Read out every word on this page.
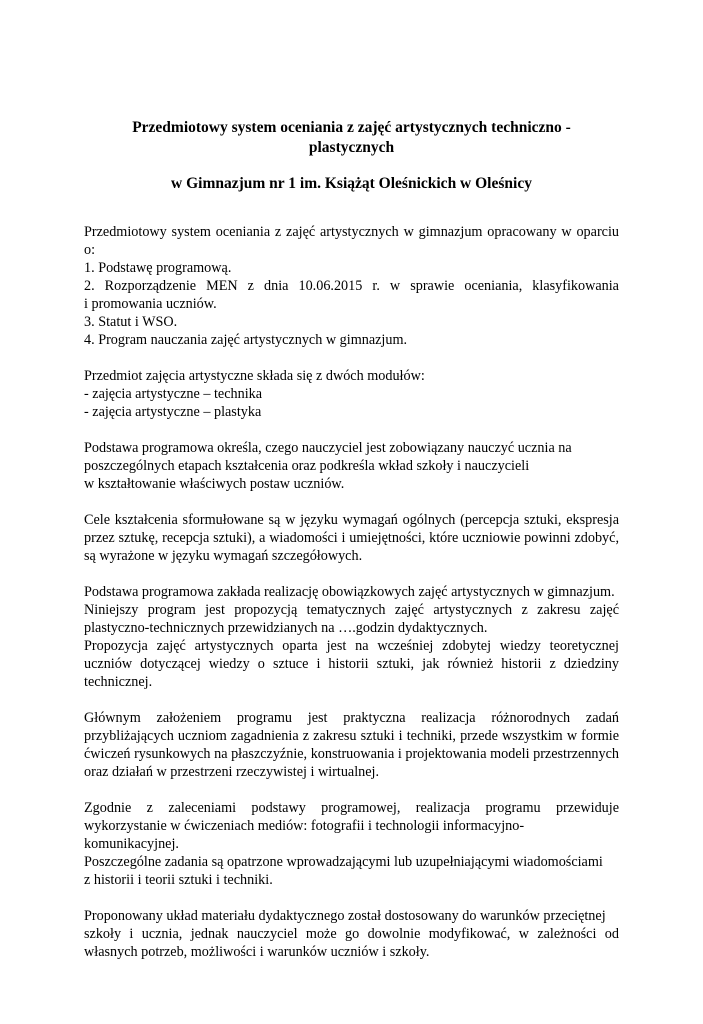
Przedmiotowy system oceniania z zajęć artystycznych techniczno -
plastycznych
w Gimnazjum nr 1 im. Książąt Oleśnickich w Oleśnicy

Przedmiotowy system oceniania z zajęć artystycznych w gimnazjum opracowany w oparciu
o:
1. Podstawę programową.
2. Rozporządzenie MEN z dnia 10.06.2015 r. w sprawie oceniania, klasyfikowania
i promowania uczniów.
3. Statut i WSO.
4. Program nauczania zajęć artystycznych w gimnazjum.

Przedmiot zajęcia artystyczne składa się z dwóch modułów:
- zajęcia artystyczne – technika
- zajęcia artystyczne – plastyka

Podstawa programowa określa, czego nauczyciel jest zobowiązany nauczyć ucznia na
poszczególnych etapach kształcenia oraz podkreśla wkład szkoły i nauczycieli
w kształtowanie właściwych postaw uczniów.

Cele kształcenia sformułowane są w języku wymagań ogólnych (percepcja sztuki, ekspresja
przez sztukę, recepcja sztuki), a wiadomości i umiejętności, które uczniowie powinni zdobyć,
są wyrażone w języku wymagań szczegółowych.

Podstawa programowa zakłada realizację obowiązkowych zajęć artystycznych w gimnazjum.
Niniejszy program jest propozycją tematycznych zajęć artystycznych z zakresu zajęć
plastyczno-technicznych przewidzianych na ….godzin dydaktycznych.
Propozycja zajęć artystycznych oparta jest na wcześniej zdobytej wiedzy teoretycznej
uczniów dotyczącej wiedzy o sztuce i historii sztuki, jak również historii z dziedziny
technicznej.

Głównym założeniem programu jest praktyczna realizacja różnorodnych zadań
przybliżających uczniom zagadnienia z zakresu sztuki i techniki, przede wszystkim w formie
ćwiczeń rysunkowych na płaszczyźnie, konstruowania i projektowania modeli przestrzennych
oraz działań w przestrzeni rzeczywistej i wirtualnej.

Zgodnie z zaleceniami podstawy programowej, realizacja programu przewiduje
wykorzystanie w ćwiczeniach mediów: fotografii i technologii informacyjno-komunikacyjnej.
Poszczególne zadania są opatrzone wprowadzającymi lub uzupełniającymi wiadomościami
z historii i teorii sztuki i techniki.

Proponowany układ materiału dydaktycznego został dostosowany do warunków przeciętnej
szkoły i ucznia, jednak nauczyciel może go dowolnie modyfikować, w zależności od
własnych potrzeb, możliwości i warunków uczniów i szkoły.
